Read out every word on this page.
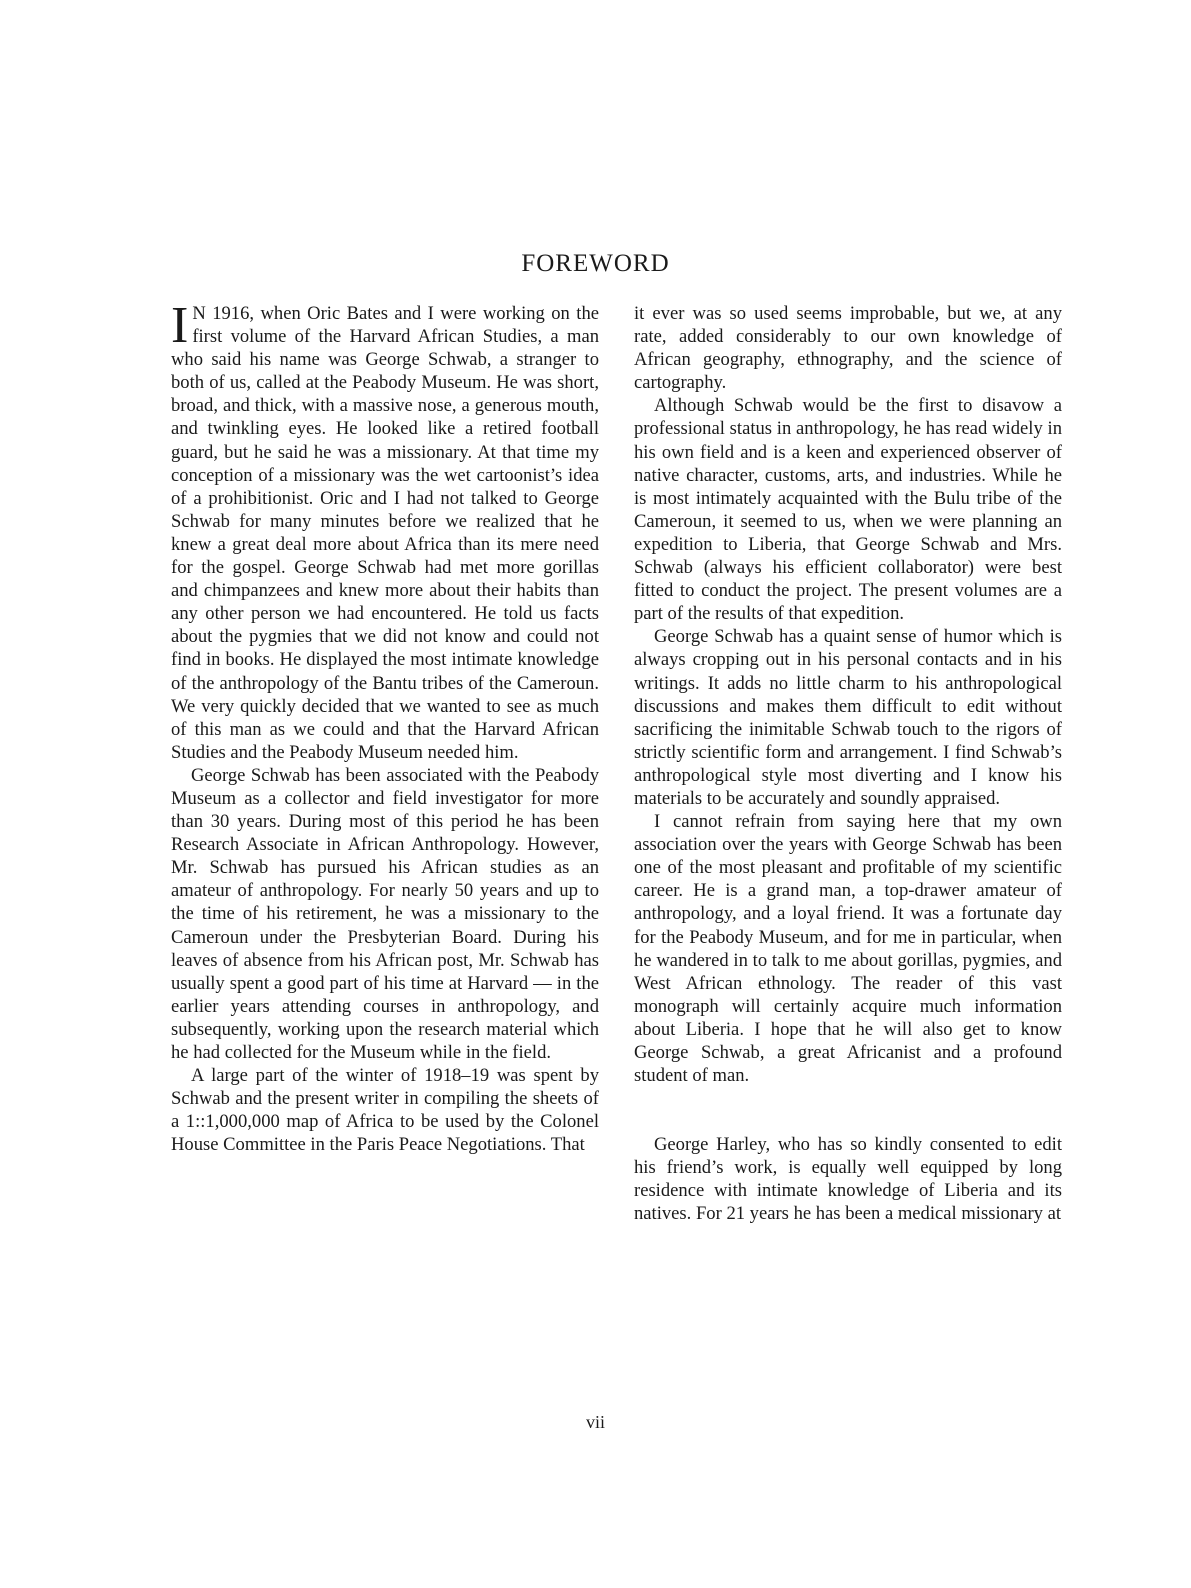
FOREWORD

I N 1916, when Oric Bates and I were working on the first volume of the Harvard African Studies, a man who said his name was George Schwab, a stranger to both of us, called at the Peabody Museum. He was short, broad, and thick, with a massive nose, a generous mouth, and twinkling eyes. He looked like a retired football guard, but he said he was a missionary. At that time my conception of a missionary was the wet cartoonist’s idea of a prohibitionist. Oric and I had not talked to George Schwab for many minutes before we realized that he knew a great deal more about Africa than its mere need for the gospel. George Schwab had met more gorillas and chimpanzees and knew more about their habits than any other person we had encountered. He told us facts about the pygmies that we did not know and could not find in books. He displayed the most intimate knowledge of the anthropology of the Bantu tribes of the Cameroun. We very quickly decided that we wanted to see as much of this man as we could and that the Harvard African Studies and the Peabody Museum needed him.

George Schwab has been associated with the Peabody Museum as a collector and field investigator for more than 30 years. During most of this period he has been Research Associate in African Anthropology. However, Mr. Schwab has pursued his African studies as an amateur of anthropology. For nearly 50 years and up to the time of his retirement, he was a missionary to the Cameroun under the Presbyterian Board. During his leaves of absence from his African post, Mr. Schwab has usually spent a good part of his time at Harvard — in the earlier years attending courses in anthropology, and subsequently, working upon the research material which he had collected for the Museum while in the field.

A large part of the winter of 1918–19 was spent by Schwab and the present writer in compiling the sheets of a 1::1,000,000 map of Africa to be used by the Colonel House Committee in the Paris Peace Negotiations. That

it ever was so used seems improbable, but we, at any rate, added considerably to our own knowledge of African geography, ethnography, and the science of cartography.

Although Schwab would be the first to disavow a professional status in anthropology, he has read widely in his own field and is a keen and experienced observer of native character, customs, arts, and industries. While he is most intimately acquainted with the Bulu tribe of the Cameroun, it seemed to us, when we were planning an expedition to Liberia, that George Schwab and Mrs. Schwab (always his efficient collaborator) were best fitted to conduct the project. The present volumes are a part of the results of that expedition.

George Schwab has a quaint sense of humor which is always cropping out in his personal contacts and in his writings. It adds no little charm to his anthropological discussions and makes them difficult to edit without sacrificing the inimitable Schwab touch to the rigors of strictly scientific form and arrangement. I find Schwab’s anthropological style most diverting and I know his materials to be accurately and soundly appraised.

I cannot refrain from saying here that my own association over the years with George Schwab has been one of the most pleasant and profitable of my scientific career. He is a grand man, a top-drawer amateur of anthropology, and a loyal friend. It was a fortunate day for the Peabody Museum, and for me in particular, when he wandered in to talk to me about gorillas, pygmies, and West African ethnology. The reader of this vast monograph will certainly acquire much information about Liberia. I hope that he will also get to know George Schwab, a great Africanist and a profound student of man.

George Harley, who has so kindly consented to edit his friend’s work, is equally well equipped by long residence with intimate knowledge of Liberia and its natives. For 21 years he has been a medical missionary at

vii
